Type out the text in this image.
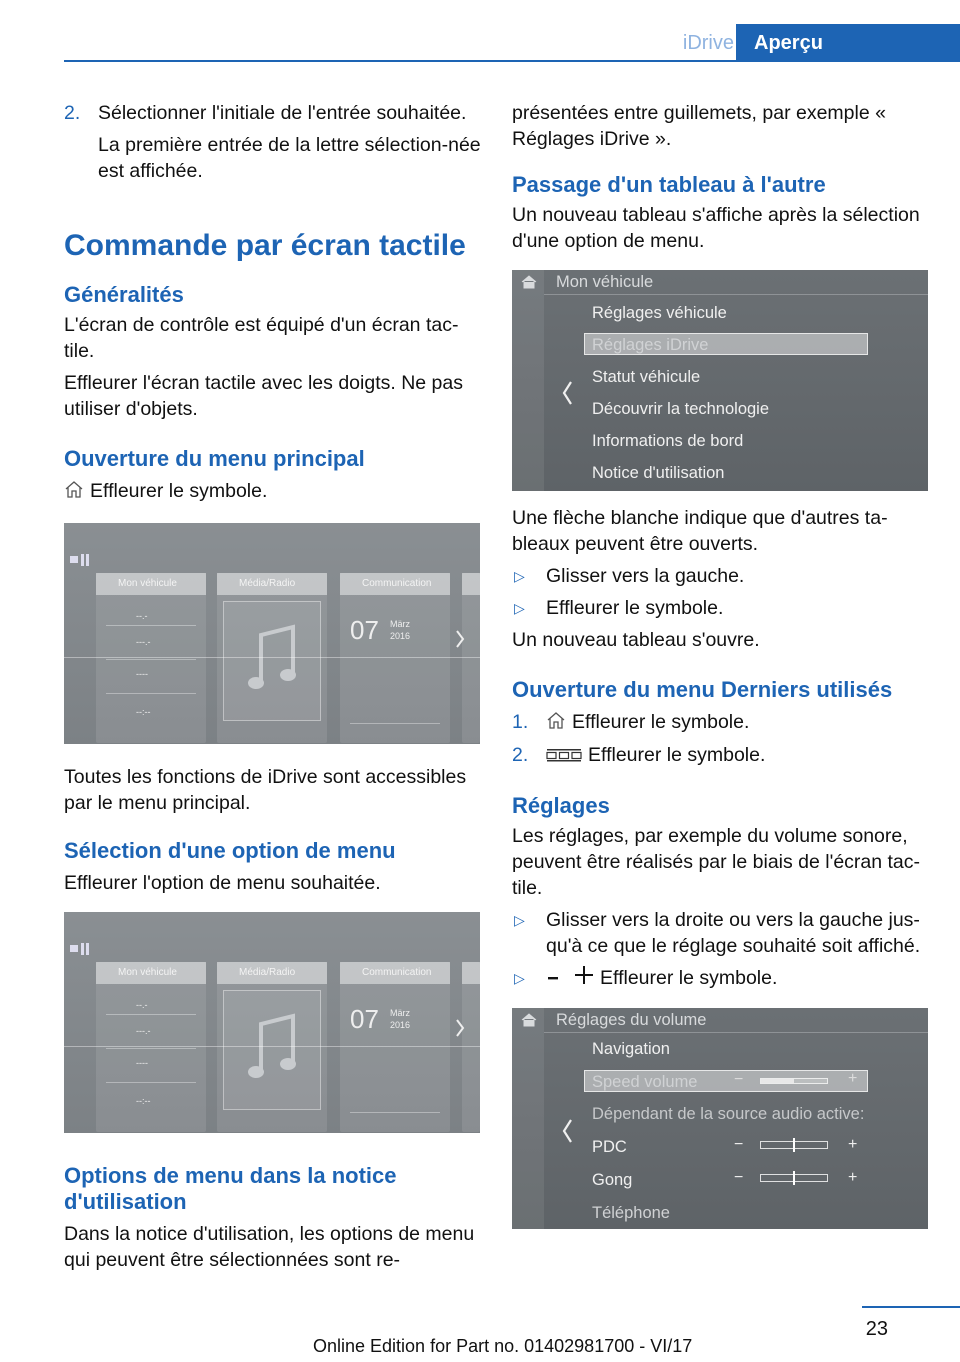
iDrive	Aperçu
2. Sélectionner l'initiale de l'entrée souhaitée.
La première entrée de la lettre sélection-née est affichée.
Commande par écran tactile
Généralités

L'écran de contrôle est équipé d'un écran tac-tile.

Effleurer l'écran tactile avec les doigts. Ne pas utiliser d'objets.

Ouverture du menu principal

Effleurer le symbole.

Mon véhicule
--.-
---.-
----
--:--
Média/Radio	Communication
07 März
2016

Toutes les fonctions de iDrive sont accessibles par le menu principal.

Sélection d'une option de menu

Effleurer l'option de menu souhaitée.

Mon véhicule
--.-
---.-
----
--:--
Média/Radio	Communication
07 März
2016
Options de menu dans la notice d'utilisation

Dans la notice d'utilisation, les options de menu qui peuvent être sélectionnées sont re-

présentées entre guillemets, par exemple « Réglages iDrive ».

Passage d'un tableau à l'autre

Un nouveau tableau s'affiche après la sélection d'une option de menu.

Mon véhicule
Réglages véhicule
Réglages iDrive
Statut véhicule
Découvrir la technologie
Informations de bord
Notice d'utilisation

Une flèche blanche indique que d'autres ta-bleaux peuvent être ouverts.

▷ Glisser vers la gauche.
▷ Effleurer le symbole.

Un nouveau tableau s'ouvre.

Ouverture du menu Derniers utilisés
1. Effleurer le symbole.
2.	Effleurer le symbole.
Réglages

Les réglages, par exemple du volume sonore, peuvent être réalisés par le biais de l'écran tac-tile.

▷ Glisser vers la droite ou vers la gauche jus-qu'à ce que le réglage souhaité soit affiché.
▷	Effleurer le symbole.
Réglages du volume
Navigation
Speed volume −	+
Dépendant de la source audio active:
PDC	−	+
Gong	−	+
Téléphone
23
Online Edition for Part no. 01402981700 - VI/17
